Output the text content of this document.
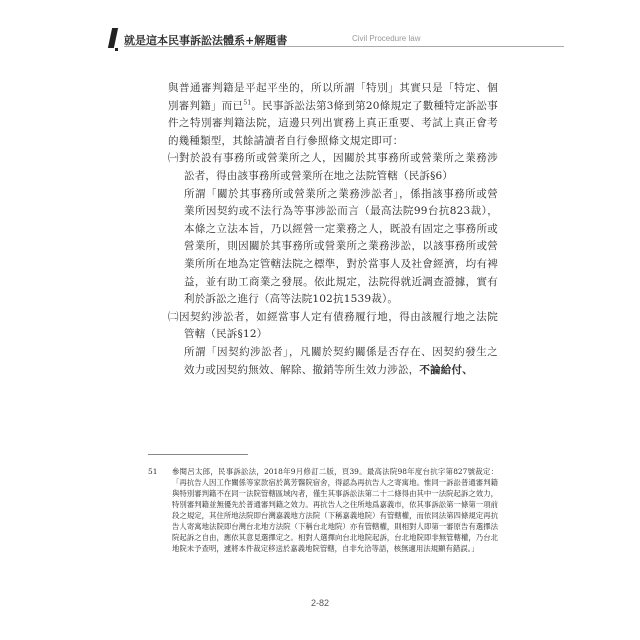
就是這本民事訴訟法體系+解題書	Civil Procedure law

與普通審判籍是平起平坐的，所以所謂「特別」其實只是「特定、個別審判籍」而已$^{51}$。民事訴訟法第3條到第20條規定了數種特定訴訟事件之特別審判籍法院，這邊只列出實務上真正重要、考試上真正會考的幾種類型，其餘請讀者自行參照條文規定即可：

㈠對於設有事務所或營業所之人，因關於其事務所或營業所之業務涉訟者，得由該事務所或營業所在地之法院管轄（民訴§6）

所謂「關於其事務所或營業所之業務涉訟者」，係指該事務所或營業所因契約或不法行為等事涉訟而言（最高法院99台抗823裁），本條之立法本旨，乃以經營一定業務之人，既設有固定之事務所或營業所，則因關於其事務所或營業所之業務涉訟，以該事務所或營業所所在地為定管轄法院之標準，對於當事人及社會經濟，均有裨益，並有助工商業之發展。依此規定，法院得就近調查證據，實有利於訴訟之進行（高等法院102抗1539裁）。

㈡因契約涉訟者，如經當事人定有債務履行地，得由該履行地之法院管轄（民訴§12）

所謂「因契約涉訟者」，凡關於契約關係是否存在、因契約發生之效力或因契約無效、解除、撤銷等所生效力涉訟，不論給付、

51 參閱呂太郎，民事訴訟法，2018年9月修訂二版，頁39。最高法院98年度台抗字第827號裁定：「再抗告人因工作關係等家款宿於萬芳醫院宿舍，得認為再抗告人之寄寓地。惟同一訴訟普通審判籍與特別審判籍不在同一法院管轄區域內者，僅生其事訴訟法第二十二條得由其中一法院起訴之效力，特別審判籍並無優先於普通審判籍之效力。再抗告人之住所地爲嘉義市，依其事訴訟第一條第一項前段之規定，其住所地法院即台灣嘉義地方法院（下稱嘉義地院）有管轄權，而依同法第四條規定再抗告人寄寓地法院即台灣台北地方法院（下稱台北地院）亦有管轄權，則相對人即第一審原告有選擇法院起訴之自由，應依其意見選擇定之。相對人選擇向台北地院起訴，台北地院即非無管轄權，乃台北地院未予查明，遽將本件裁定移送於嘉義地院管轄，自非允洽等語，核無適用法規顯有錯誤。」
2-82
